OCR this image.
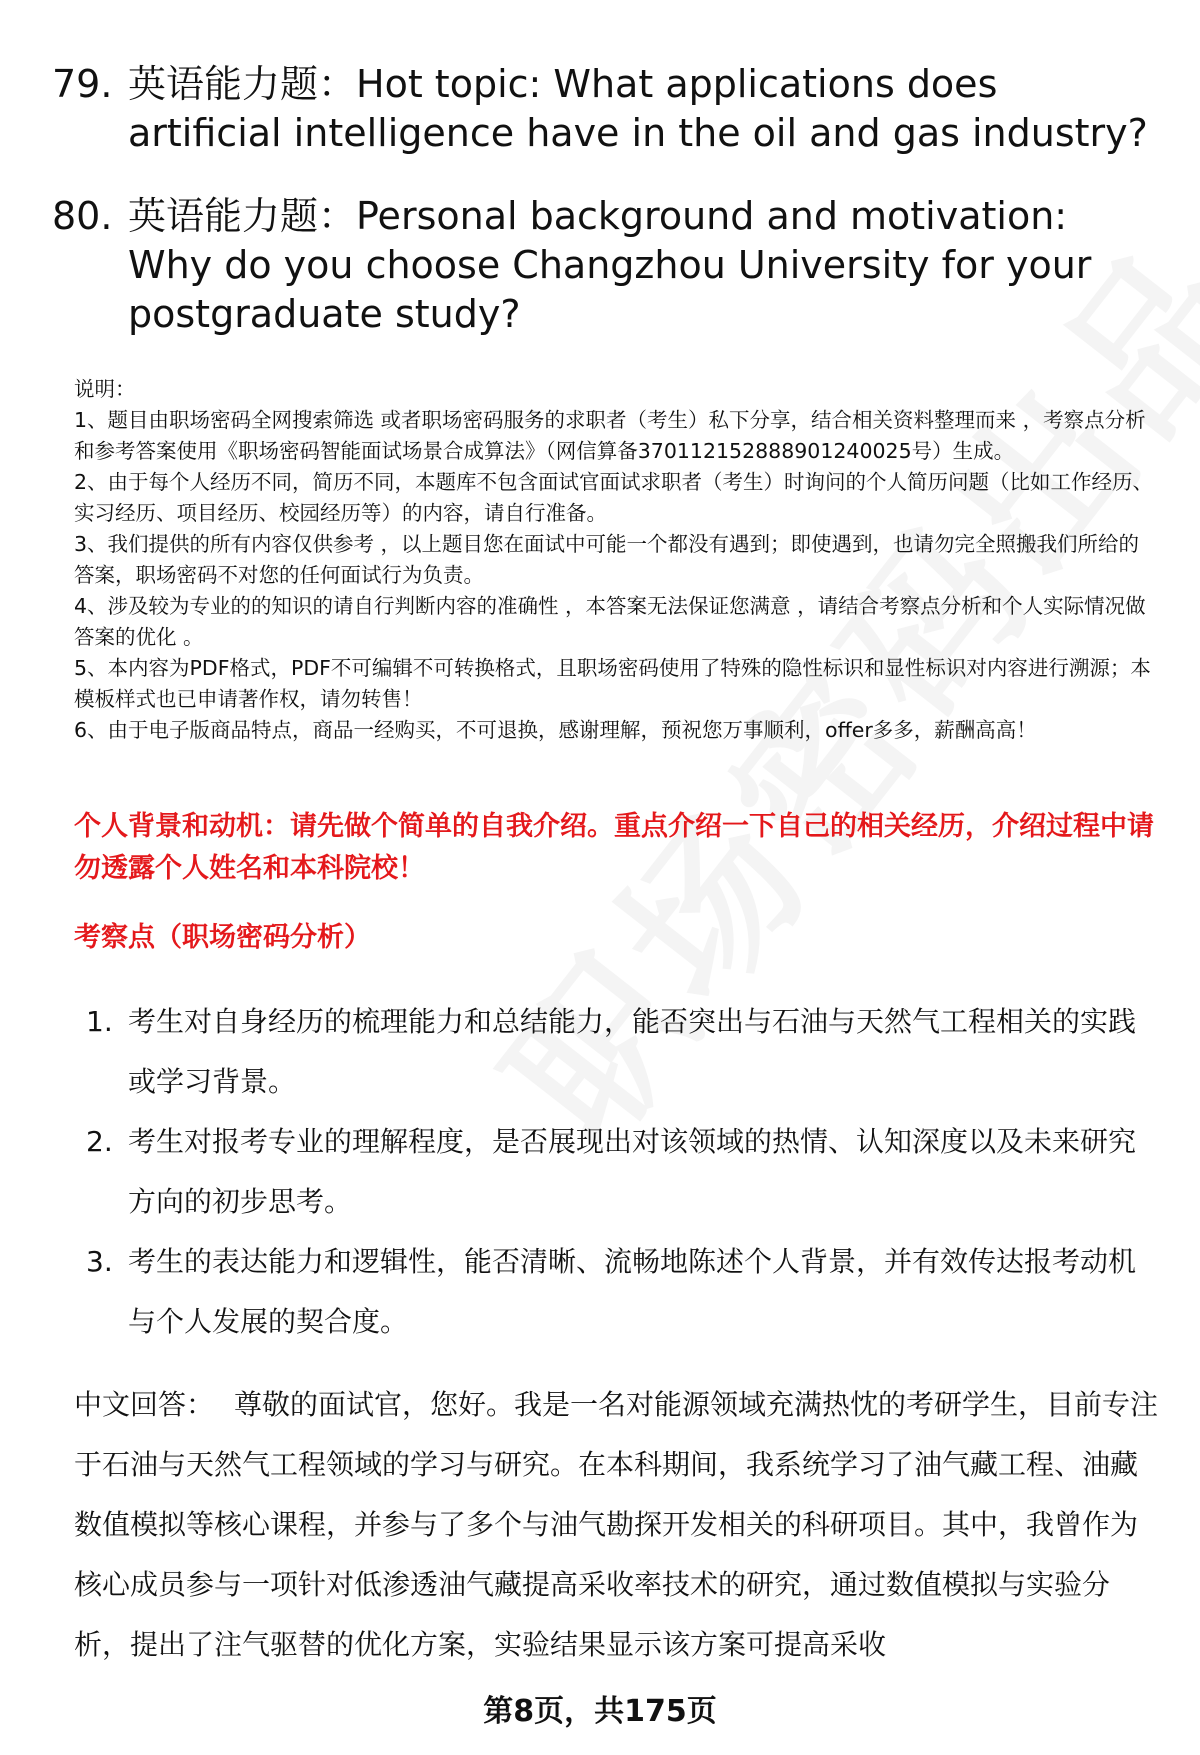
79. 英语能力题：Hot topic: What applications does artificial intelligence have in the oil and gas industry?
80. 英语能力题：Personal background and motivation: Why do you choose Changzhou University for your postgraduate study?

说明：

1、题目由职场密码全网搜索筛选 或者职场密码服务的求职者（考生）私下分享，结合相关资料整理而来 ，考察点分析和参考答案使用《职场密码智能面试场景合成算法》（网信算备370112152888901240025号）生成。

2、由于每个人经历不同，简历不同，本题库不包含面试官面试求职者（考生）时询问的个人简历问题（比如工作经历、实习经历、项目经历、校园经历等）的内容，请自行准备。

3、我们提供的所有内容仅供参考 ，以上题目您在面试中可能一个都没有遇到；即使遇到，也请勿完全照搬我们所给的答案，职场密码不对您的任何面试行为负责。

4、涉及较为专业的的知识的请自行判断内容的准确性 ，本答案无法保证您满意 ，请结合考察点分析和个人实际情况做答案的优化 。

5、本内容为PDF格式，PDF不可编辑不可转换格式，且职场密码使用了特殊的隐性标识和显性标识对内容进行溯源；本模板样式也已申请著作权，请勿转售！

6、由于电子版商品特点，商品一经购买，不可退换，感谢理解，预祝您万事顺利，offer多多，薪酬高高！

个人背景和动机：请先做个简单的自我介绍。重点介绍一下自己的相关经历，介绍过程中请勿透露个人姓名和本科院校！
考察点（职场密码分析）
1. 考生对自身经历的梳理能力和总结能力，能否突出与石油与天然气工程相关的实践或学习背景。
2. 考生对报考专业的理解程度，是否展现出对该领域的热情、认知深度以及未来研究方向的初步思考。
3. 考生的表达能力和逻辑性，能否清晰、流畅地陈述个人背景，并有效传达报考动机与个人发展的契合度。
中文回答： 尊敬的面试官，您好。我是一名对能源领域充满热忱的考研学生，目前专注于石油与天然气工程领域的学习与研究。在本科期间，我系统学习了油气藏工程、油藏数值模拟等核心课程，并参与了多个与油气勘探开发相关的科研项目。其中，我曾作为核心成员参与一项针对低渗透油气藏提高采收率技术的研究，通过数值模拟与实验分析，提出了注气驱替的优化方案，实验结果显示该方案可提高采收
第8页，共175页
